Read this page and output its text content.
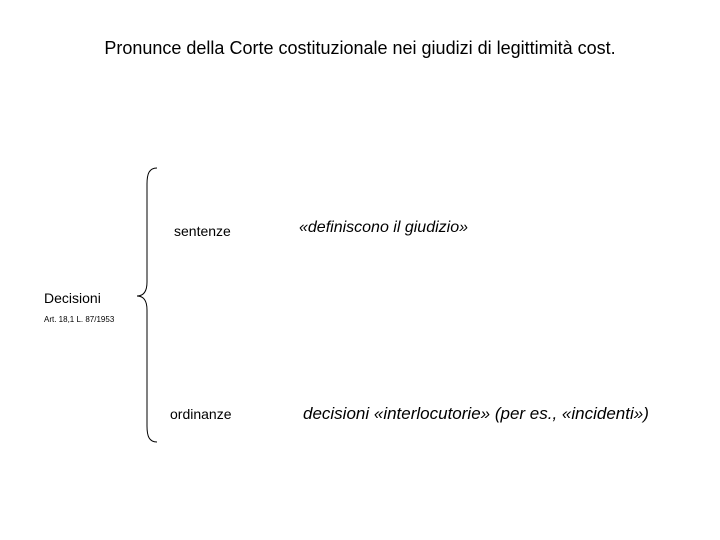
Pronunce della Corte costituzionale nei giudizi di legittimità cost.
Decisioni
Art. 18,1 L. 87/1953
sentenze	«definiscono il giudizio»
ordinanze	decisioni «interlocutorie» (per es., «incidenti»)
